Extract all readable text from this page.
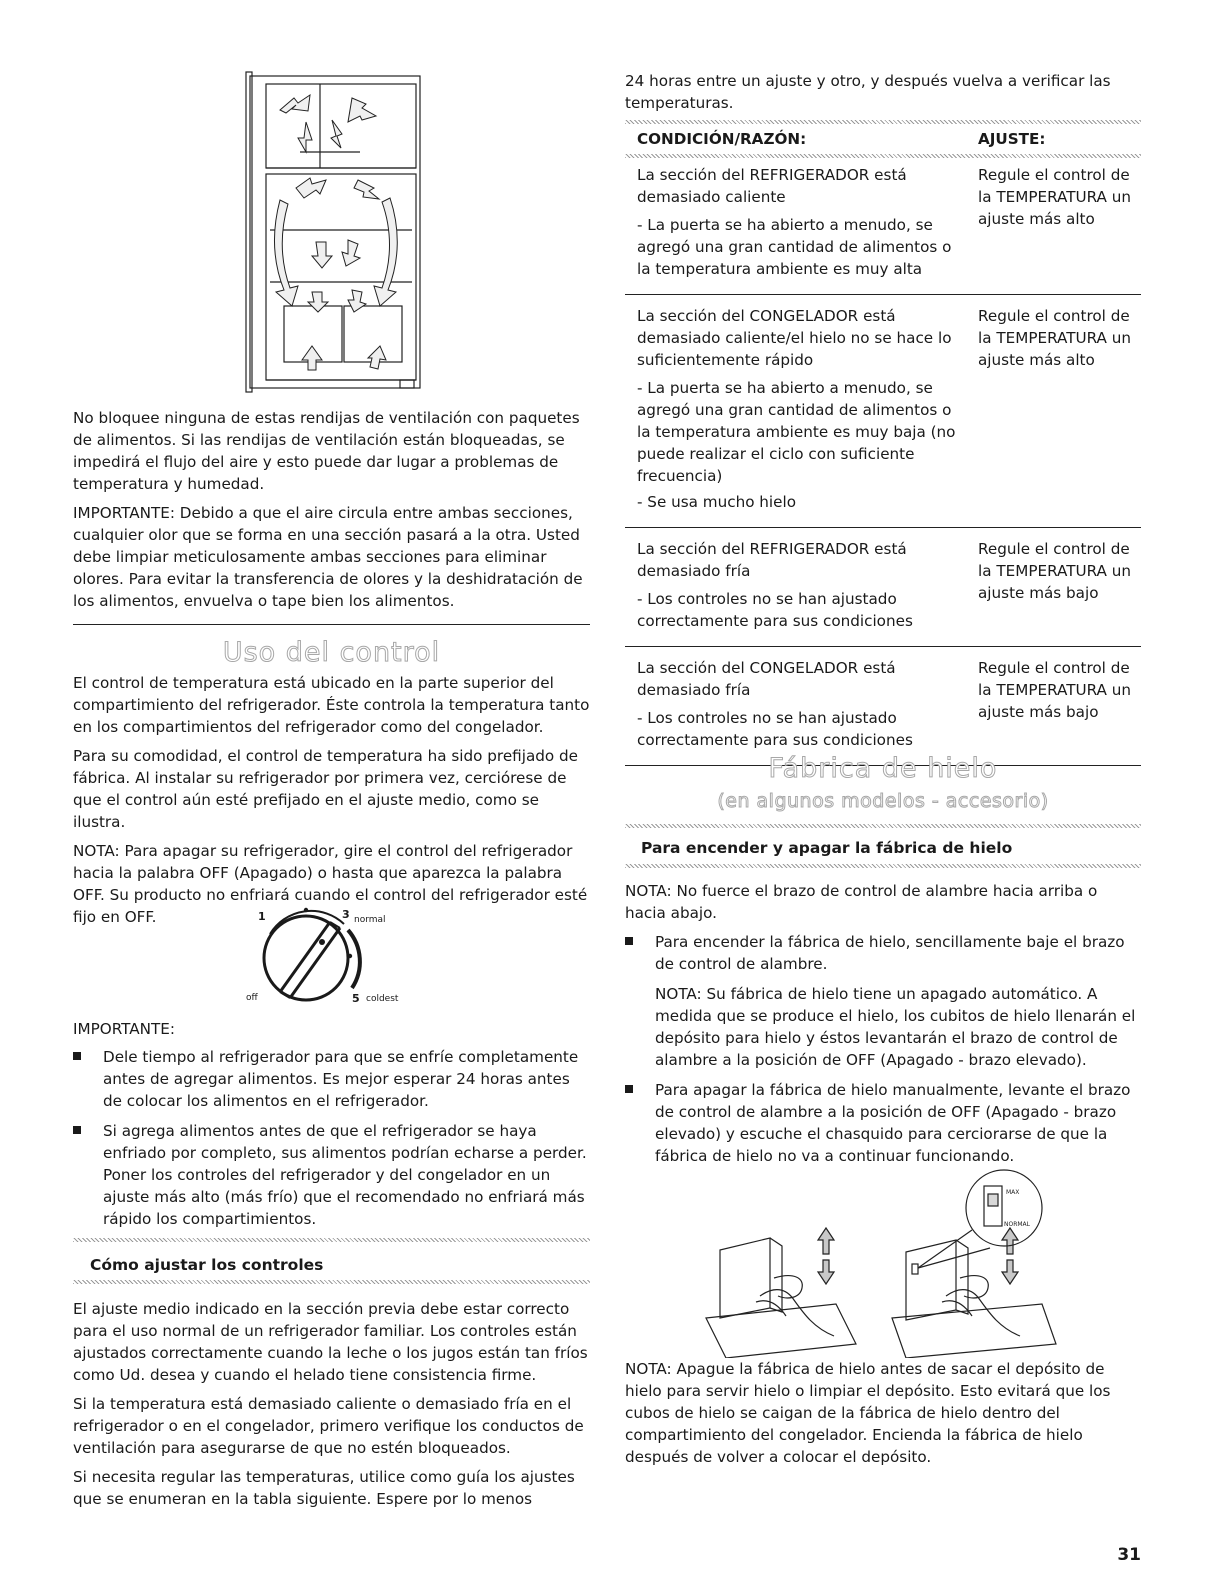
No bloquee ninguna de estas rendijas de ventilación con paquetes de alimentos. Si las rendijas de ventilación están bloqueadas, se impedirá el flujo del aire y esto puede dar lugar a problemas de temperatura y humedad.

IMPORTANTE: Debido a que el aire circula entre ambas secciones, cualquier olor que se forma en una sección pasará a la otra. Usted debe limpiar meticulosamente ambas secciones para eliminar olores. Para evitar la transferencia de olores y la deshidratación de los alimentos, envuelva o tape bien los alimentos.

Uso del control

El control de temperatura está ubicado en la parte superior del compartimiento del refrigerador. Éste controla la temperatura tanto en los compartimientos del refrigerador como del congelador.

Para su comodidad, el control de temperatura ha sido prefijado de fábrica. Al instalar su refrigerador por primera vez, cerciórese de que el control aún esté prefijado en el ajuste medio, como se ilustra.

NOTA: Para apagar su refrigerador, gire el control del refrigerador hacia la palabra OFF (Apagado) o hasta que aparezca la palabra OFF. Su producto no enfriará cuando el control del refrigerador esté fijo en OFF.	1	3 normal
off	5 coldest

IMPORTANTE:

Dele tiempo al refrigerador para que se enfríe completamente antes de agregar alimentos. Es mejor esperar 24 horas antes de colocar los alimentos en el refrigerador.
Si agrega alimentos antes de que el refrigerador se haya enfriado por completo, sus alimentos podrían echarse a perder. Poner los controles del refrigerador y del congelador en un ajuste más alto (más frío) que el recomendado no enfriará más rápido los compartimientos.
Cómo ajustar los controles

El ajuste medio indicado en la sección previa debe estar correcto para el uso normal de un refrigerador familiar. Los controles están ajustados correctamente cuando la leche o los jugos están tan fríos como Ud. desea y cuando el helado tiene consistencia firme.

Si la temperatura está demasiado caliente o demasiado fría en el refrigerador o en el congelador, primero verifique los conductos de ventilación para asegurarse de que no estén bloqueados.

Si necesita regular las temperaturas, utilice como guía los ajustes que se enumeran en la tabla siguiente. Espere por lo menos

24 horas entre un ajuste y otro, y después vuelva a verificar las temperaturas.

CONDICIÓN/RAZÓN:	AJUSTE:

La sección del REFRIGERADOR está demasiado caliente

- La puerta se ha abierto a menudo, se agregó una gran cantidad de alimentos o la temperatura ambiente es muy alta	Regule el control de la TEMPERATURA un ajuste más alto

La sección del CONGELADOR está demasiado caliente/el hielo no se hace lo suficientemente rápido

- La puerta se ha abierto a menudo, se agregó una gran cantidad de alimentos o la temperatura ambiente es muy baja (no puede realizar el ciclo con suficiente frecuencia)

- Se usa mucho hielo	Regule el control de la TEMPERATURA un ajuste más alto

La sección del REFRIGERADOR está demasiado fría

- Los controles no se han ajustado correctamente para sus condiciones	Regule el control de la TEMPERATURA un ajuste más bajo

La sección del CONGELADOR está demasiado fría

- Los controles no se han ajustado correctamente para sus condiciones	Regule el control de la TEMPERATURA un ajuste más bajo
Fábrica de hielo
(en algunos modelos - accesorio)
Para encender y apagar la fábrica de hielo

NOTA: No fuerce el brazo de control de alambre hacia arriba o hacia abajo.

Para encender la fábrica de hielo, sencillamente baje el brazo de control de alambre.
NOTA: Su fábrica de hielo tiene un apagado automático. A medida que se produce el hielo, los cubitos de hielo llenarán el depósito para hielo y éstos levantarán el brazo de control de alambre a la posición de OFF (Apagado - brazo elevado).
Para apagar la fábrica de hielo manualmente, levante el brazo de control de alambre a la posición de OFF (Apagado - brazo elevado) y escuche el chasquido para cerciorarse de que la fábrica de hielo no va a continuar funcionando.
MAX
NORMAL

NOTA: Apague la fábrica de hielo antes de sacar el depósito de hielo para servir hielo o limpiar el depósito. Esto evitará que los cubos de hielo se caigan de la fábrica de hielo dentro del compartimiento del congelador. Encienda la fábrica de hielo después de volver a colocar el depósito.

31
